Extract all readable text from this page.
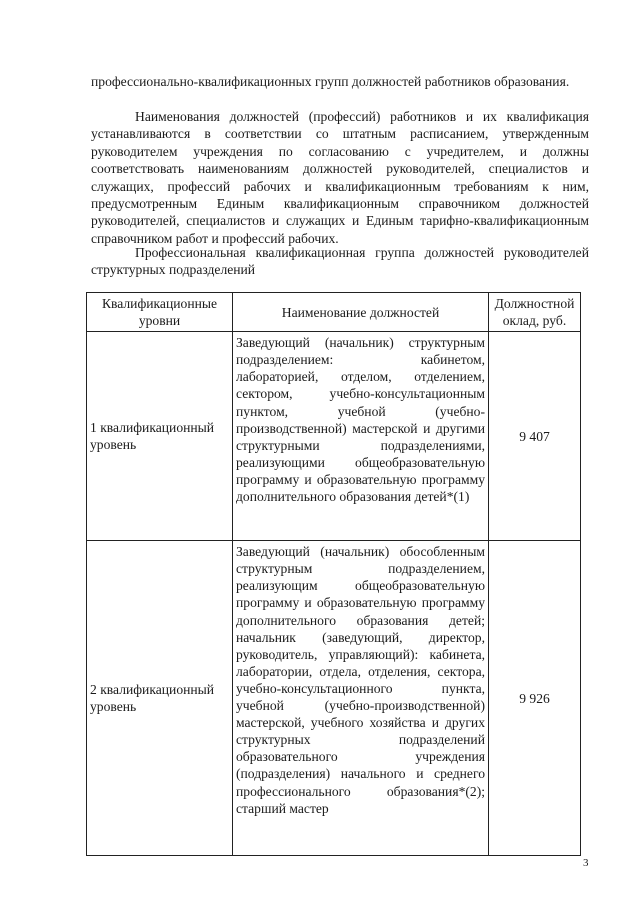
профессионально-квалификационных групп должностей работников образования.

Наименования должностей (профессий) работников и их квалификация устанавливаются в соответствии со штатным расписанием, утвержденным руководителем учреждения по согласованию с учредителем, и должны соответствовать наименованиям должностей руководителей, специалистов и служащих, профессий рабочих и квалификационным требованиям к ним, предусмотренным Единым квалификационным справочником должностей руководителей, специалистов и служащих и Единым тарифно-квалификационным справочником работ и профессий рабочих.

Профессиональная квалификационная группа должностей руководителей структурных подразделений

Квалификационные уровни	Наименование должностей	Должностной оклад, руб.
1 квалификационный уровень	Заведующий (начальник) структурным подразделением: кабинетом, лабораторией, отделом, отделением, сектором, учебно-консультационным пунктом, учебной (учебно-производственной) мастерской и другими структурными подразделениями, реализующими общеобразовательную программу и образовательную программу дополнительного образования детей*(1)	9 407
2 квалификационный уровень	Заведующий (начальник) обособленным структурным подразделением, реализующим общеобразовательную программу и образовательную программу дополнительного образования детей; начальник (заведующий, директор, руководитель, управляющий): кабинета, лаборатории, отдела, отделения, сектора, учебно-консультационного пункта, учебной (учебно-производственной) мастерской, учебного хозяйства и других структурных подразделений образовательного учреждения (подразделения) начального и среднего профессионального образования*(2); старший мастер	9 926
3
